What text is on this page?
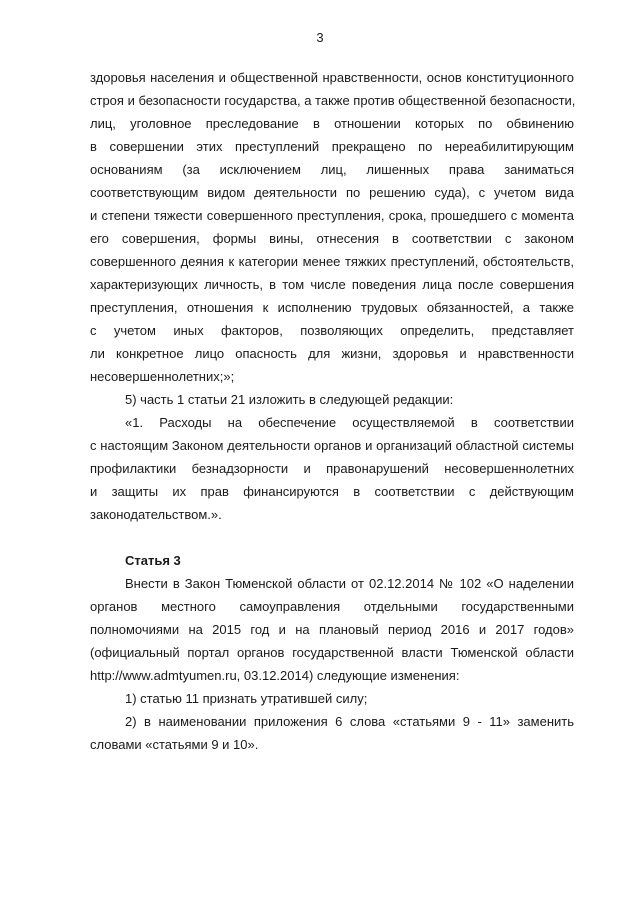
3
здоровья населения и общественной нравственности, основ конституционного
строя и безопасности государства, а также против общественной безопасности,
лиц, уголовное преследование в отношении которых по обвинению
в совершении этих преступлений прекращено по нереабилитирующим
основаниям (за исключением лиц, лишенных права заниматься
соответствующим видом деятельности по решению суда), с учетом вида
и степени тяжести совершенного преступления, срока, прошедшего с момента
его совершения, формы вины, отнесения в соответствии с законом
совершенного деяния к категории менее тяжких преступлений, обстоятельств,
характеризующих личность, в том числе поведения лица после совершения
преступления, отношения к исполнению трудовых обязанностей, а также
с учетом иных факторов, позволяющих определить, представляет
ли конкретное лицо опасность для жизни, здоровья и нравственности
несовершеннолетних;»;
5) часть 1 статьи 21 изложить в следующей редакции:
«1. Расходы на обеспечение осуществляемой в соответствии
с настоящим Законом деятельности органов и организаций областной системы
профилактики безнадзорности и правонарушений несовершеннолетних
и защиты их прав финансируются в соответствии с действующим
законодательством.».
Статья 3
Внести в Закон Тюменской области от 02.12.2014 № 102 «О наделении
органов местного самоуправления отдельными государственными
полномочиями на 2015 год и на плановый период 2016 и 2017 годов»
(официальный портал органов государственной власти Тюменской области
http://www.admtyumen.ru, 03.12.2014) следующие изменения:
1) статью 11 признать утратившей силу;
2) в наименовании приложения 6 слова «статьями 9 - 11» заменить
словами «статьями 9 и 10».
